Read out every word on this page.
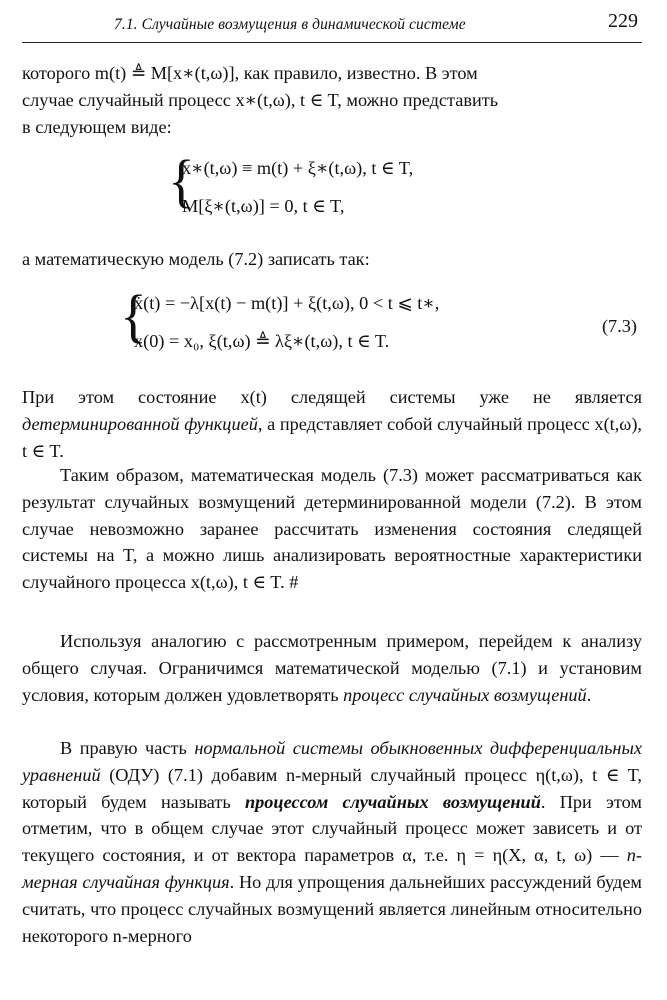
7.1. Случайные возмущения в динамической системе	229

которого m(t) ≜ M[x∗(t,ω)], как правило, известно. В этом

случае случайный процесс x∗(t,ω), t ∈ T, можно представить

в следующем виде:

{
x∗(t,ω) ≡ m(t) + ξ∗(t,ω), t ∈ T,
M[ξ∗(t,ω)] = 0, t ∈ T,

а математическую модель (7.2) записать так:

{
ẋ(t) = −λ[x(t) − m(t)] + ξ(t,ω), 0 < t ⩽ t∗,
x(0) = x₀, ξ(t,ω) ≜ λξ∗(t,ω), t ∈ T.
(7.3)

При этом состояние x(t) следящей системы уже не является детерминированной функцией, а представляет собой случайный процесс x(t,ω), t ∈ T.

Таким образом, математическая модель (7.3) может рассматриваться как результат случайных возмущений детерминированной модели (7.2). В этом случае невозможно заранее рассчитать изменения состояния следящей системы на T, а можно лишь анализировать вероятностные характеристики случайного процесса x(t,ω), t ∈ T. #

Используя аналогию с рассмотренным примером, перейдем к анализу общего случая. Ограничимся математической моделью (7.1) и установим условия, которым должен удовлетворять процесс случайных возмущений.

В правую часть нормальной системы обыкновенных дифференциальных уравнений (ОДУ) (7.1) добавим n-мерный случайный процесс η(t,ω), t ∈ T, который будем называть процессом случайных возмущений. При этом отметим, что в общем случае этот случайный процесс может зависеть и от текущего состояния, и от вектора параметров α, т.е. η = η(X, α, t, ω) — n-мерная случайная функция. Но для упрощения дальнейших рассуждений будем считать, что процесс случайных возмущений является линейным относительно некоторого n-мерного
